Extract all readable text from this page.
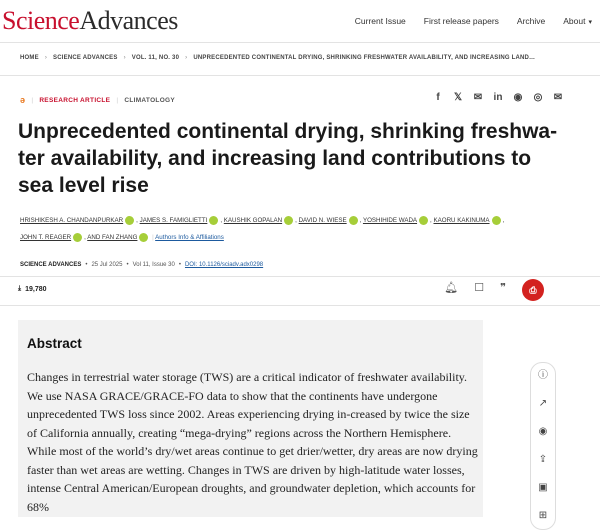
ScienceAdvances	Current Issue First release papers Archive About ▾
HOME › SCIENCE ADVANCES › VOL. 11, NO. 30 › UNPRECEDENTED CONTINENTAL DRYING, SHRINKING FRESHWATER AVAILABILITY, AND INCREASING LAND…
ə | RESEARCH ARTICLE | CLIMATOLOGY	f	𝕏 ✉ in ◉ ◎ ✉
Unprecedented continental drying, shrinking freshwa-ter availability, and increasing land contributions to sea level rise
HRISHIKESH A. CHANDANPURKAR , JAMES S. FAMIGLIETTI , KAUSHIK GOPALAN , DAVID N. WIESE , YOSHIHIDE WADA , KAORU KAKINUMA ,
JOHN T. REAGER , AND FAN ZHANG | Authors Info & Affiliations
SCIENCE ADVANCES • 25 Jul 2025 • Vol 11, Issue 30 • DOI: 10.1126/sciadv.adx0298
⤓ 19,780	🔔︎ ☐ ❞	⎙
Abstract

Changes in terrestrial water storage (TWS) are a critical indicator of freshwater availability. We use NASA GRACE/GRACE-FO data to show that the continents have undergone unprecedented TWS loss since 2002. Areas experiencing drying in-creased by twice the size of California annually, creating “mega-drying” regions across the Northern Hemisphere. While most of the world’s dry/wet areas continue to get drier/wetter, dry areas are now drying faster than wet areas are wetting. Changes in TWS are driven by high-latitude water losses, intense Central American/European droughts, and groundwater depletion, which accounts for 68%

ⓘ
↗
◉
⇪
▣
⊞
